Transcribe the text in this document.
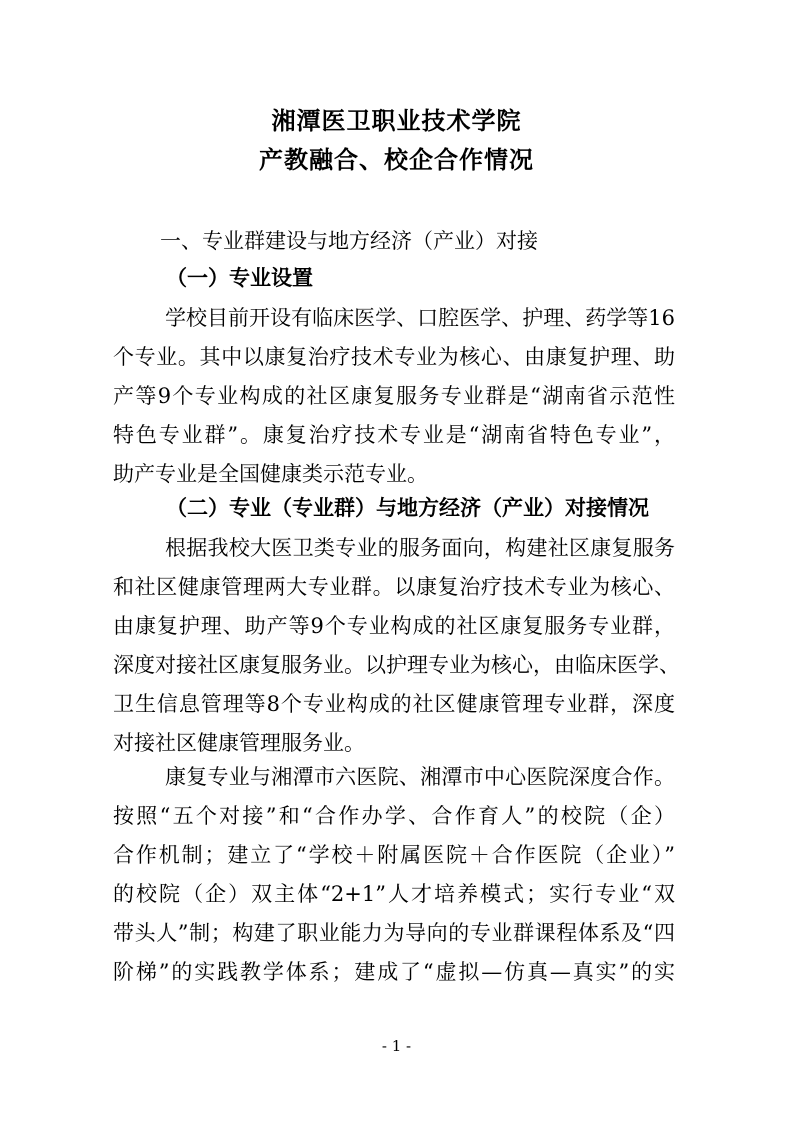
湘潭医卫职业技术学院
产教融合、校企合作情况
一、专业群建设与地方经济（产业）对接
（一）专业设置
学校目前开设有临床医学、口腔医学、护理、药学等16
个专业。其中以康复治疗技术专业为核心、由康复护理、助
产等9个专业构成的社区康复服务专业群是“湖南省示范性
特色专业群”。康复治疗技术专业是“湖南省特色专业”，
助产专业是全国健康类示范专业。
（二）专业（专业群）与地方经济（产业）对接情况
根据我校大医卫类专业的服务面向，构建社区康复服务
和社区健康管理两大专业群。以康复治疗技术专业为核心、
由康复护理、助产等9个专业构成的社区康复服务专业群，
深度对接社区康复服务业。以护理专业为核心，由临床医学、
卫生信息管理等8个专业构成的社区健康管理专业群，深度
对接社区健康管理服务业。
康复专业与湘潭市六医院、湘潭市中心医院深度合作。
按照“五个对接”和“合作办学、合作育人”的校院（企）
合作机制；建立了“学校＋附属医院＋合作医院（企业）”
的校院（企）双主体“2+1”人才培养模式；实行专业“双
带头人”制；构建了职业能力为导向的专业群课程体系及“四
阶梯”的实践教学体系；建成了“虚拟—仿真—真实”的实
- 1 -
